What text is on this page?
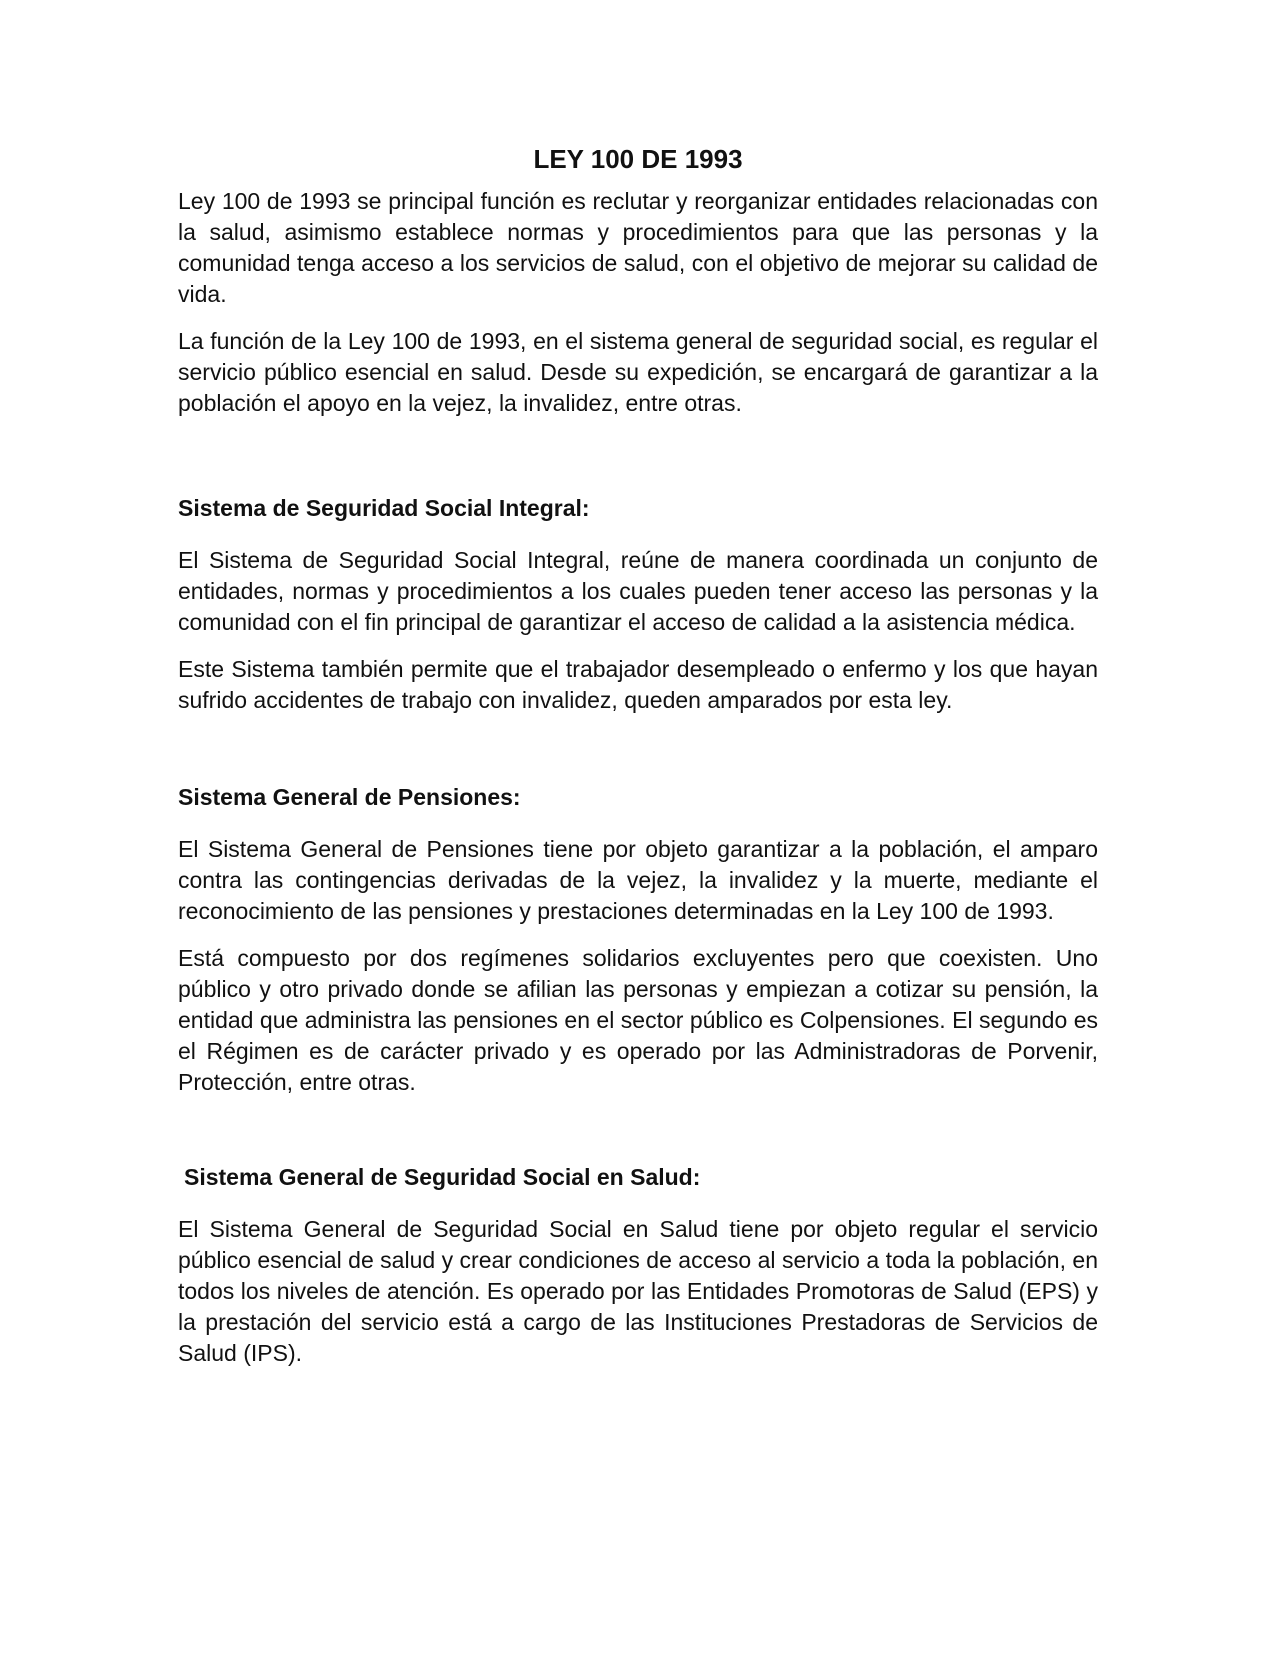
LEY 100 DE 1993

Ley 100 de 1993 se principal función es reclutar y reorganizar entidades relacionadas con la salud, asimismo establece normas y procedimientos para que las personas y la comunidad tenga acceso a los servicios de salud, con el objetivo de mejorar su calidad de vida.

La función de la Ley 100 de 1993, en el sistema general de seguridad social, es regular el servicio público esencial en salud. Desde su expedición, se encargará de garantizar a la población el apoyo en la vejez, la invalidez, entre otras.

Sistema de Seguridad Social Integral:

El Sistema de Seguridad Social Integral, reúne de manera coordinada un conjunto de entidades, normas y procedimientos a los cuales pueden tener acceso las personas y la comunidad con el fin principal de garantizar el acceso de calidad a la asistencia médica.

Este Sistema también permite que el trabajador desempleado o enfermo y los que hayan sufrido accidentes de trabajo con invalidez, queden amparados por esta ley.

Sistema General de Pensiones:

El Sistema General de Pensiones tiene por objeto garantizar a la población, el amparo contra las contingencias derivadas de la vejez, la invalidez y la muerte, mediante el reconocimiento de las pensiones y prestaciones determinadas en la Ley 100 de 1993.

Está compuesto por dos regímenes solidarios excluyentes pero que coexisten. Uno público y otro privado donde se afilian las personas y empiezan a cotizar su pensión, la entidad que administra las pensiones en el sector público es Colpensiones. El segundo es el Régimen es de carácter privado y es operado por las Administradoras de Porvenir, Protección, entre otras.

Sistema General de Seguridad Social en Salud:

El Sistema General de Seguridad Social en Salud tiene por objeto regular el servicio público esencial de salud y crear condiciones de acceso al servicio a toda la población, en todos los niveles de atención. Es operado por las Entidades Promotoras de Salud (EPS) y la prestación del servicio está a cargo de las Instituciones Prestadoras de Servicios de Salud (IPS).
